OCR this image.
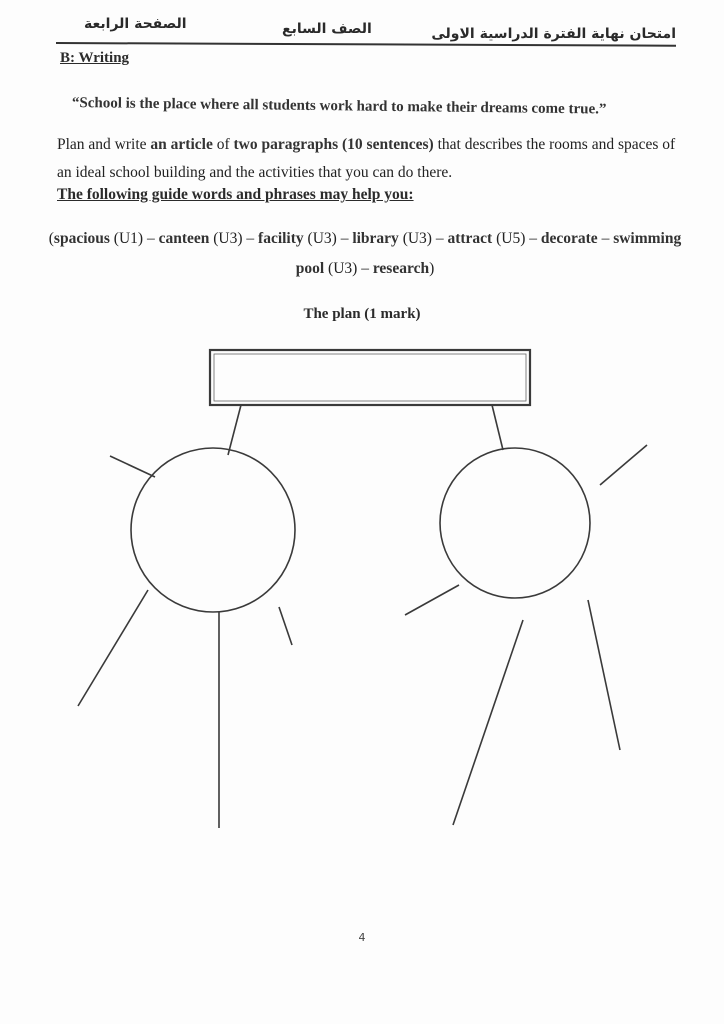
امتحان نهاية الفترة الدراسية الاولى
الصف السابع
الصفحة الرابعة
B: Writing
“School is the place where all students work hard to make their dreams come true.”
Plan and write an article of two paragraphs (10 sentences) that describes the rooms and spaces of an ideal school building and the activities that you can do there.
The following guide words and phrases may help you:
(spacious (U1) – canteen (U3) – facility (U3) – library (U3) – attract (U5) – decorate – swimming pool (U3) – research)
The plan (1 mark)
4
